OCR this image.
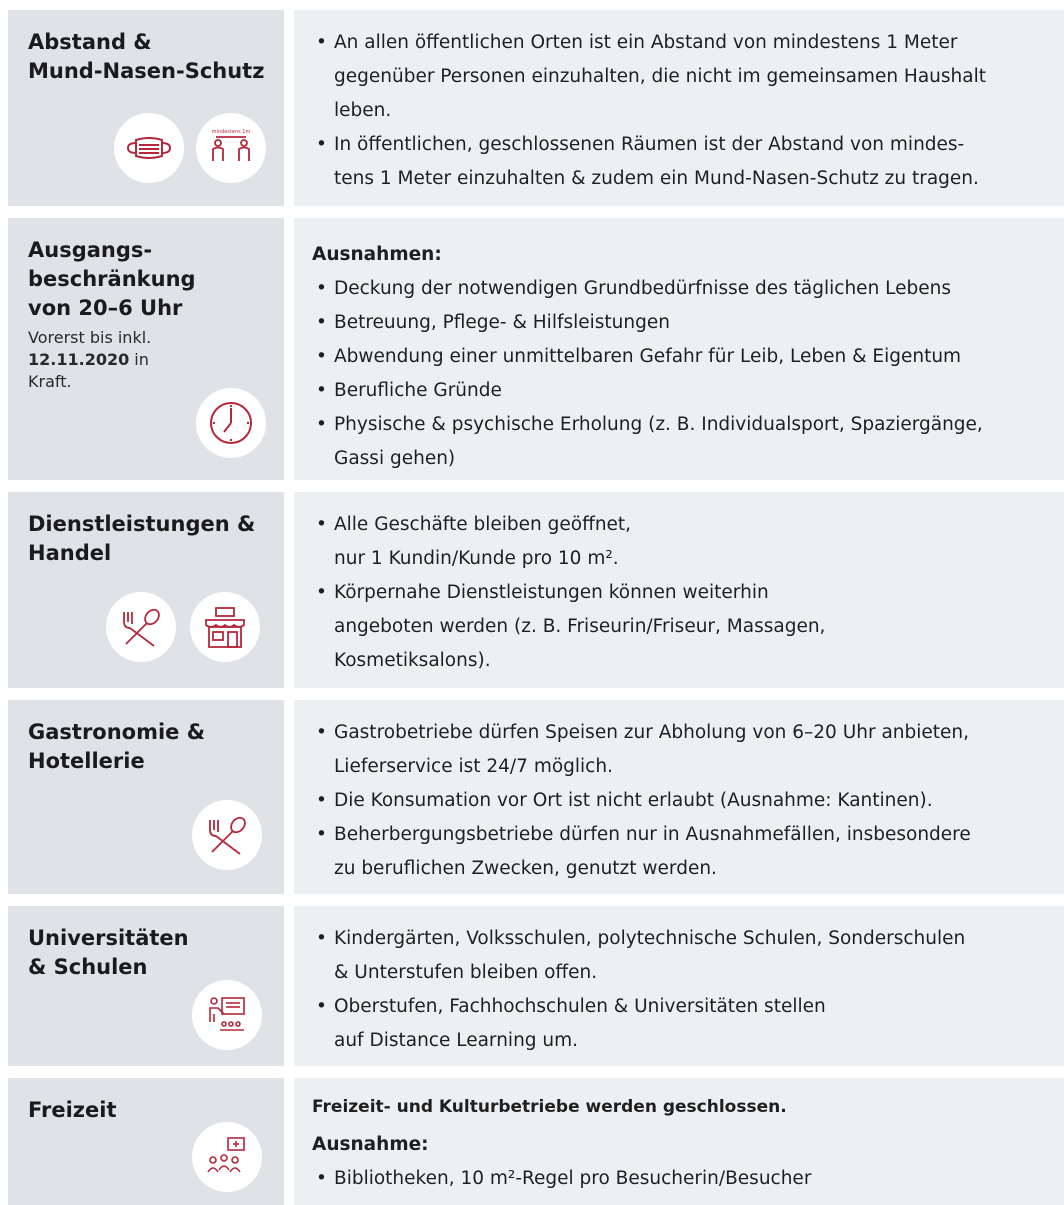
Abstand &
Mund-Nasen-Schutz
mindestens 1m
• An allen öffentlichen Orten ist ein Abstand von mindestens 1 Meter
gegenüber Personen einzuhalten, die nicht im gemeinsamen Haushalt
leben.
• In öffentlichen, geschlossenen Räumen ist der Abstand von mindes-
tens 1 Meter einzuhalten & zudem ein Mund-Nasen-Schutz zu tragen.
Ausgangs-
beschränkung
von 20–6 Uhr
Vorerst bis inkl.
12.11.2020 in
Kraft.
Ausnahmen:
• Deckung der notwendigen Grundbedürfnisse des täglichen Lebens
• Betreuung, Pflege- & Hilfsleistungen
• Abwendung einer unmittelbaren Gefahr für Leib, Leben & Eigentum
• Berufliche Gründe
• Physische & psychische Erholung (z. B. Individualsport, Spaziergänge,
Gassi gehen)
Dienstleistungen &
Handel
• Alle Geschäfte bleiben geöffnet,
nur 1 Kundin/Kunde pro 10 m².
• Körpernahe Dienstleistungen können weiterhin
angeboten werden (z. B. Friseurin/Friseur, Massagen,
Kosmetiksalons).
Gastronomie &
Hotellerie
• Gastrobetriebe dürfen Speisen zur Abholung von 6–20 Uhr anbieten,
Lieferservice ist 24/7 möglich.
• Die Konsumation vor Ort ist nicht erlaubt (Ausnahme: Kantinen).
• Beherbergungsbetriebe dürfen nur in Ausnahmefällen, insbesondere
zu beruflichen Zwecken, genutzt werden.
Universitäten
& Schulen
• Kindergärten, Volksschulen, polytechnische Schulen, Sonderschulen
& Unterstufen bleiben offen.
• Oberstufen, Fachhochschulen & Universitäten stellen
auf Distance Learning um.
Freizeit	Freizeit- und Kulturbetriebe werden geschlossen.
Ausnahme:
• Bibliotheken, 10 m²-Regel pro Besucherin/Besucher
